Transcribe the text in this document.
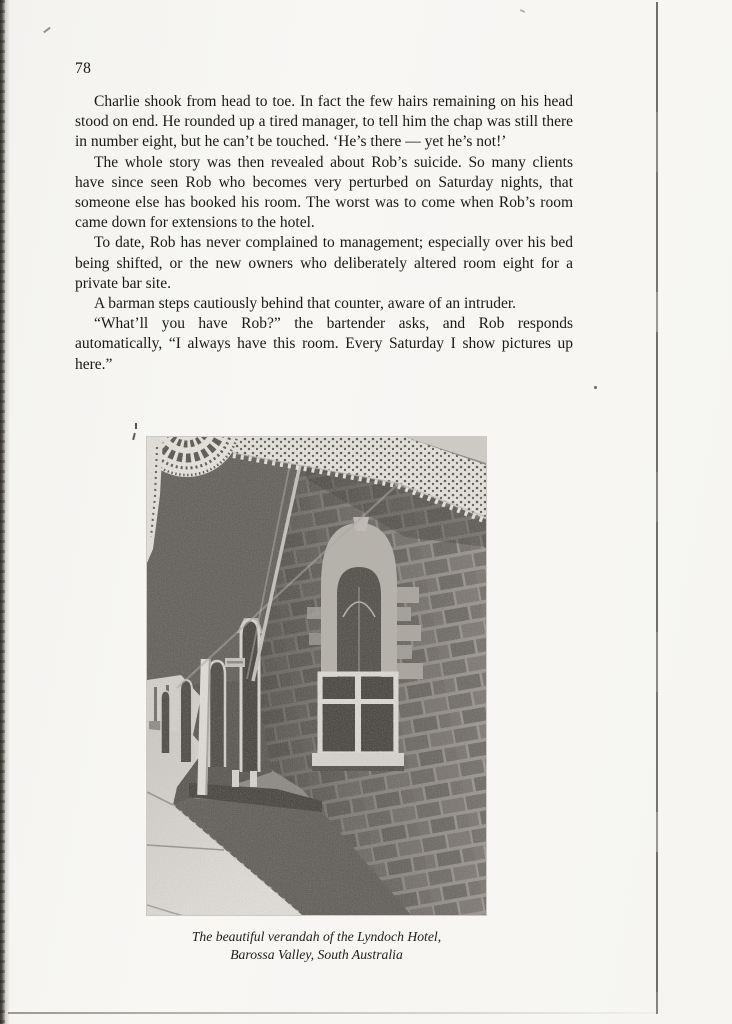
78

Charlie shook from head to toe. In fact the few hairs remaining on his head stood on end. He rounded up a tired manager, to tell him the chap was still there in number eight, but he can’t be touched. ‘He’s there — yet he’s not!’

The whole story was then revealed about Rob’s suicide. So many clients have since seen Rob who becomes very perturbed on Saturday nights, that someone else has booked his room. The worst was to come when Rob’s room came down for extensions to the hotel.

To date, Rob has never complained to management; especially over his bed being shifted, or the new owners who deliberately altered room eight for a private bar site.

A barman steps cautiously behind that counter, aware of an intruder.

“What’ll you have Rob?” the bartender asks, and Rob responds automatically, “I always have this room. Every Saturday I show pictures up here.”

The beautiful verandah of the Lyndoch Hotel,
Barossa Valley, South Australia
